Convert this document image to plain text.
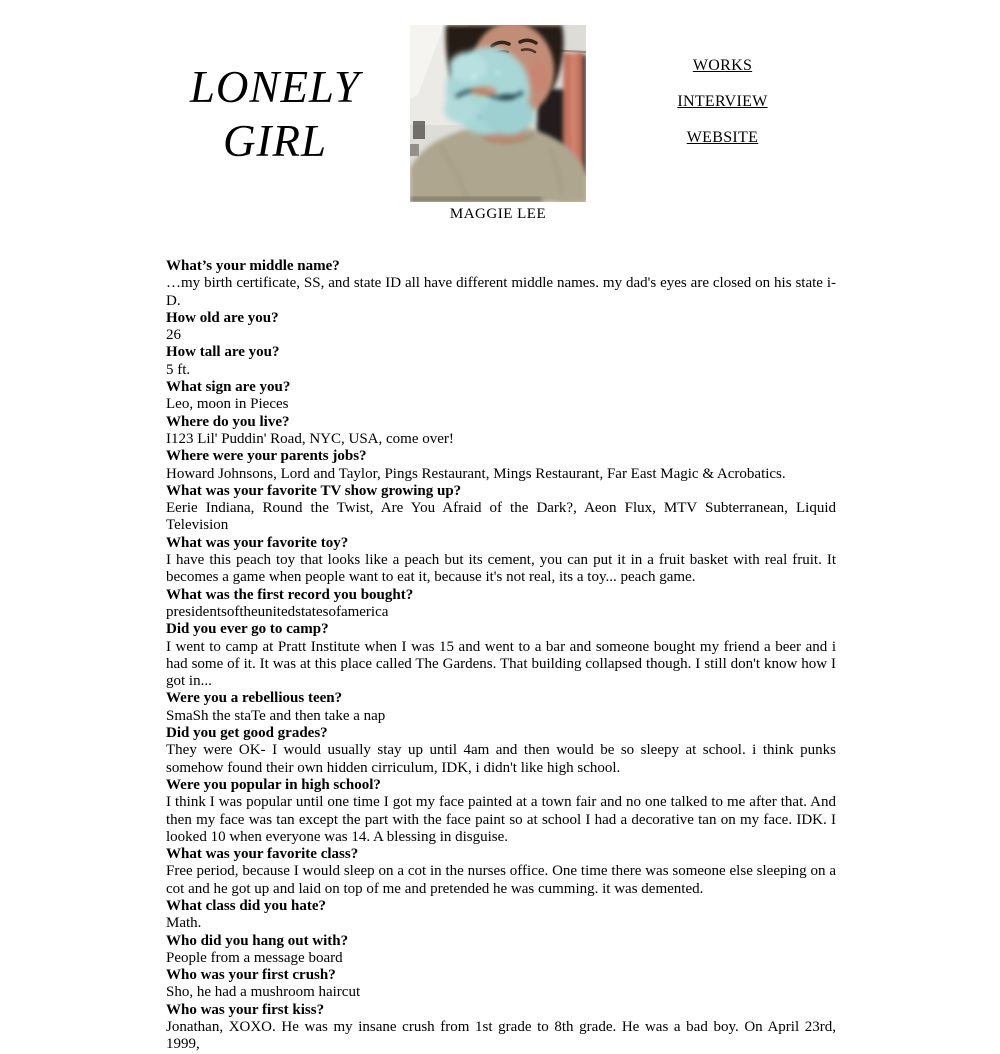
LONELY
GIRL
MAGGIE LEE
WORKS
INTERVIEW
WEBSITE
What’s your middle name?
…my birth certificate, SS, and state ID all have different middle names. my dad's eyes are closed on his state i-D.
How old are you?
26
How tall are you?
5 ft.
What sign are you?
Leo, moon in Pieces
Where do you live?
I123 Lil' Puddin' Road, NYC, USA, come over!
Where were your parents jobs?
Howard Johnsons, Lord and Taylor, Pings Restaurant, Mings Restaurant, Far East Magic & Acrobatics.
What was your favorite TV show growing up?
Eerie Indiana, Round the Twist, Are You Afraid of the Dark?, Aeon Flux, MTV Subterranean, Liquid Television
What was your favorite toy?
I have this peach toy that looks like a peach but its cement, you can put it in a fruit basket with real fruit. It becomes a game when people want to eat it, because it's not real, its a toy... peach game.
What was the first record you bought?
presidentsoftheunitedstatesofamerica
Did you ever go to camp?
I went to camp at Pratt Institute when I was 15 and went to a bar and someone bought my friend a beer and i had some of it. It was at this place called The Gardens. That building collapsed though. I still don't know how I got in...
Were you a rebellious teen?
SmaSh the staTe and then take a nap
Did you get good grades?
They were OK- I would usually stay up until 4am and then would be so sleepy at school. i think punks somehow found their own hidden cirriculum, IDK, i didn't like high school.
Were you popular in high school?
I think I was popular until one time I got my face painted at a town fair and no one talked to me after that. And then my face was tan except the part with the face paint so at school I had a decorative tan on my face. IDK. I looked 10 when everyone was 14. A blessing in disguise.
What was your favorite class?
Free period, because I would sleep on a cot in the nurses office. One time there was someone else sleeping on a cot and he got up and laid on top of me and pretended he was cumming. it was demented.
What class did you hate?
Math.
Who did you hang out with?
People from a message board
Who was your first crush?
Sho, he had a mushroom haircut
Who was your first kiss?
Jonathan, XOXO. He was my insane crush from 1st grade to 8th grade. He was a bad boy. On April 23rd, 1999,
